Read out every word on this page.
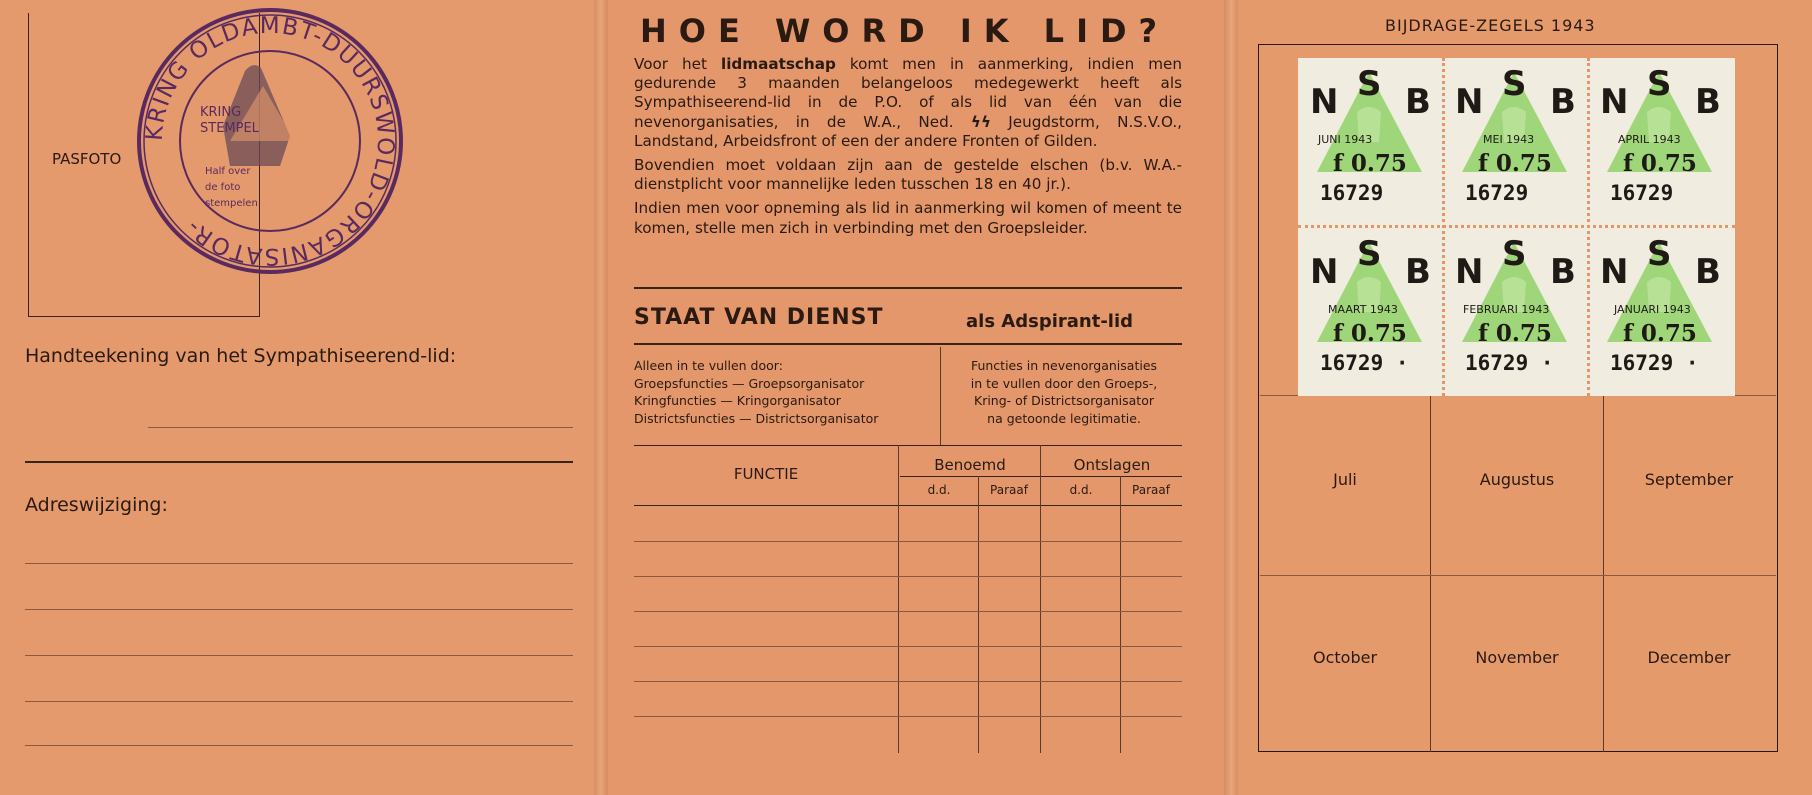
PASFOTO
KRING OLDAMBT-DUURSWOLD-ORGANISATOR-
KRING
STEMPEL
Half over
de foto
stempelen.
Handteekening van het Sympathiseerend-lid:
Adreswijziging:
HOE WORD IK LID?

Voor het lidmaatschap komt men in aanmerking, indien men gedurende 3 maanden belangeloos medegewerkt heeft als Sympathiseerend-lid in de P.O. of als lid van één van die nevenorganisaties, in de W.A., Ned. ϟϟ Jeugdstorm, N.S.V.O., Landstand, Arbeidsfront of een der andere Fronten of Gilden.

Bovendien moet voldaan zijn aan de gestelde elschen (b.v. W.A.-dienstplicht voor mannelijke leden tusschen 18 en 40 jr.).

Indien men voor opneming als lid in aanmerking wil komen of meent te komen, stelle men zich in verbinding met den Groepsleider.

STAAT VAN DIENST	als Adspirant-lid
Alleen in te vullen door:
Groepsfuncties — Groepsorganisator
Kringfuncties — Kringorganisator
Districtsfuncties — Districtsorganisator
Functies in nevenorganisaties
in te vullen door den Groeps-,
Kring- of Districtsorganisator
na getoonde legitimatie.
FUNCTIE	Benoemd	Ontslagen
d.d.	Paraaf	d.d.	Paraaf
BIJDRAGE-ZEGELS 1943
N S B
JUNI 1943
f 0.75
16729
N S B
MEI 1943
f 0.75
16729
N S B
APRIL 1943
f 0.75
16729
N S B
MAART 1943
f 0.75
16729 ·
N S B
FEBRUARI 1943
f 0.75
16729 ·
N S B
JANUARI 1943
f 0.75
16729 ·
Juli	Augustus	September
October	November	December
